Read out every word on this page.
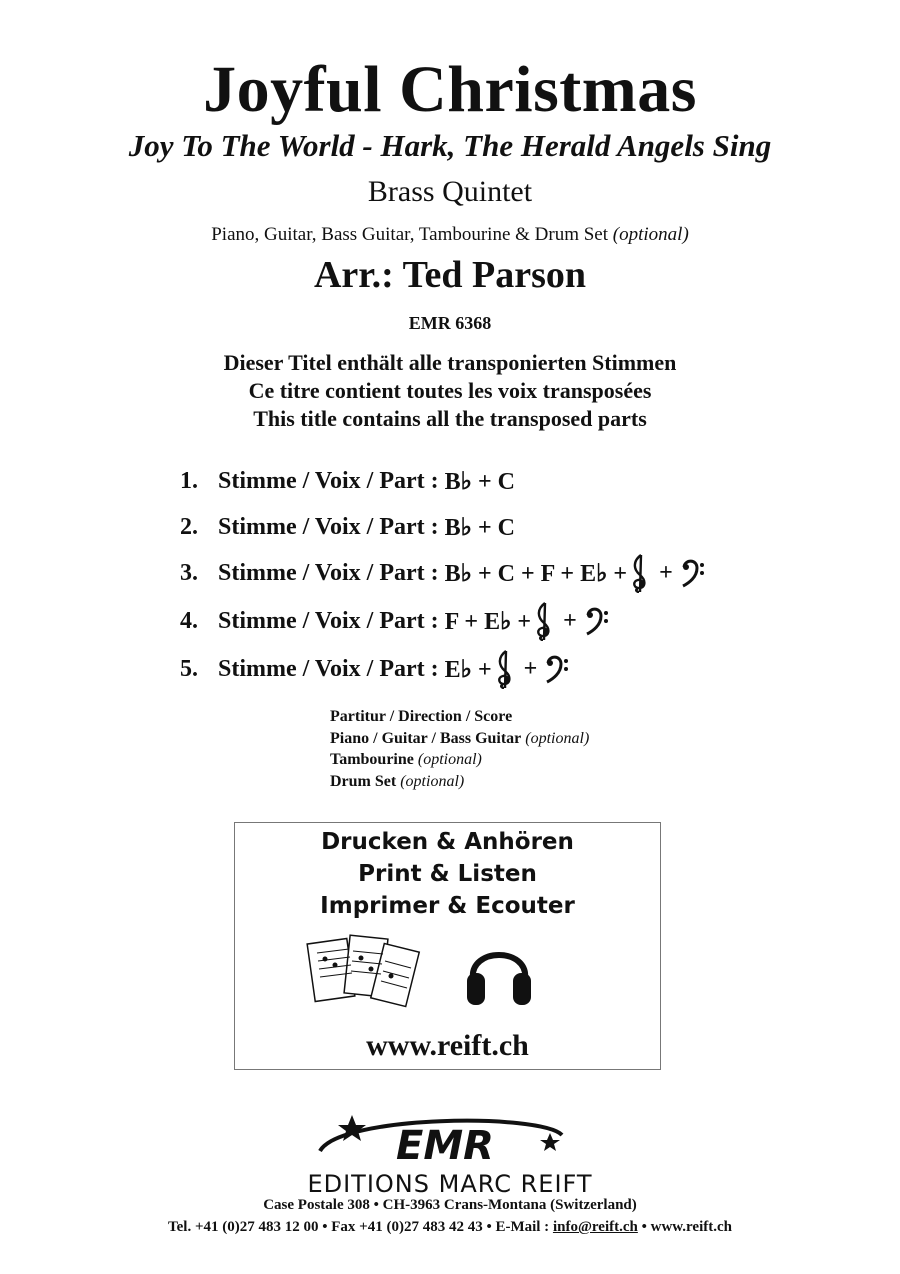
Joyful Christmas
Joy To The World - Hark, The Herald Angels Sing
Brass Quintet
Piano, Guitar, Bass Guitar, Tambourine & Drum Set (optional)
Arr.: Ted Parson
EMR 6368
Dieser Titel enthält alle transponierten Stimmen
Ce titre contient toutes les voix transposées
This title contains all the transposed parts
1. Stimme / Voix / Part :
B♭ + C
2. Stimme / Voix / Part :
B♭ + C
3. Stimme / Voix / Part :
B♭ + C + F + E♭ + +
4. Stimme / Voix / Part :
F + E♭ + +
5. Stimme / Voix / Part :
E♭ + +
Partitur / Direction / Score
Piano / Guitar / Bass Guitar (optional)
Tambourine (optional)
Drum Set (optional)
Drucken & Anhören
Print & Listen
Imprimer & Ecouter
www.reift.ch
EMR
EDITIONS MARC REIFT
Case Postale 308 • CH-3963 Crans-Montana (Switzerland)
Tel. +41 (0)27 483 12 00 • Fax +41 (0)27 483 42 43 • E-Mail : info@reift.ch • www.reift.ch
